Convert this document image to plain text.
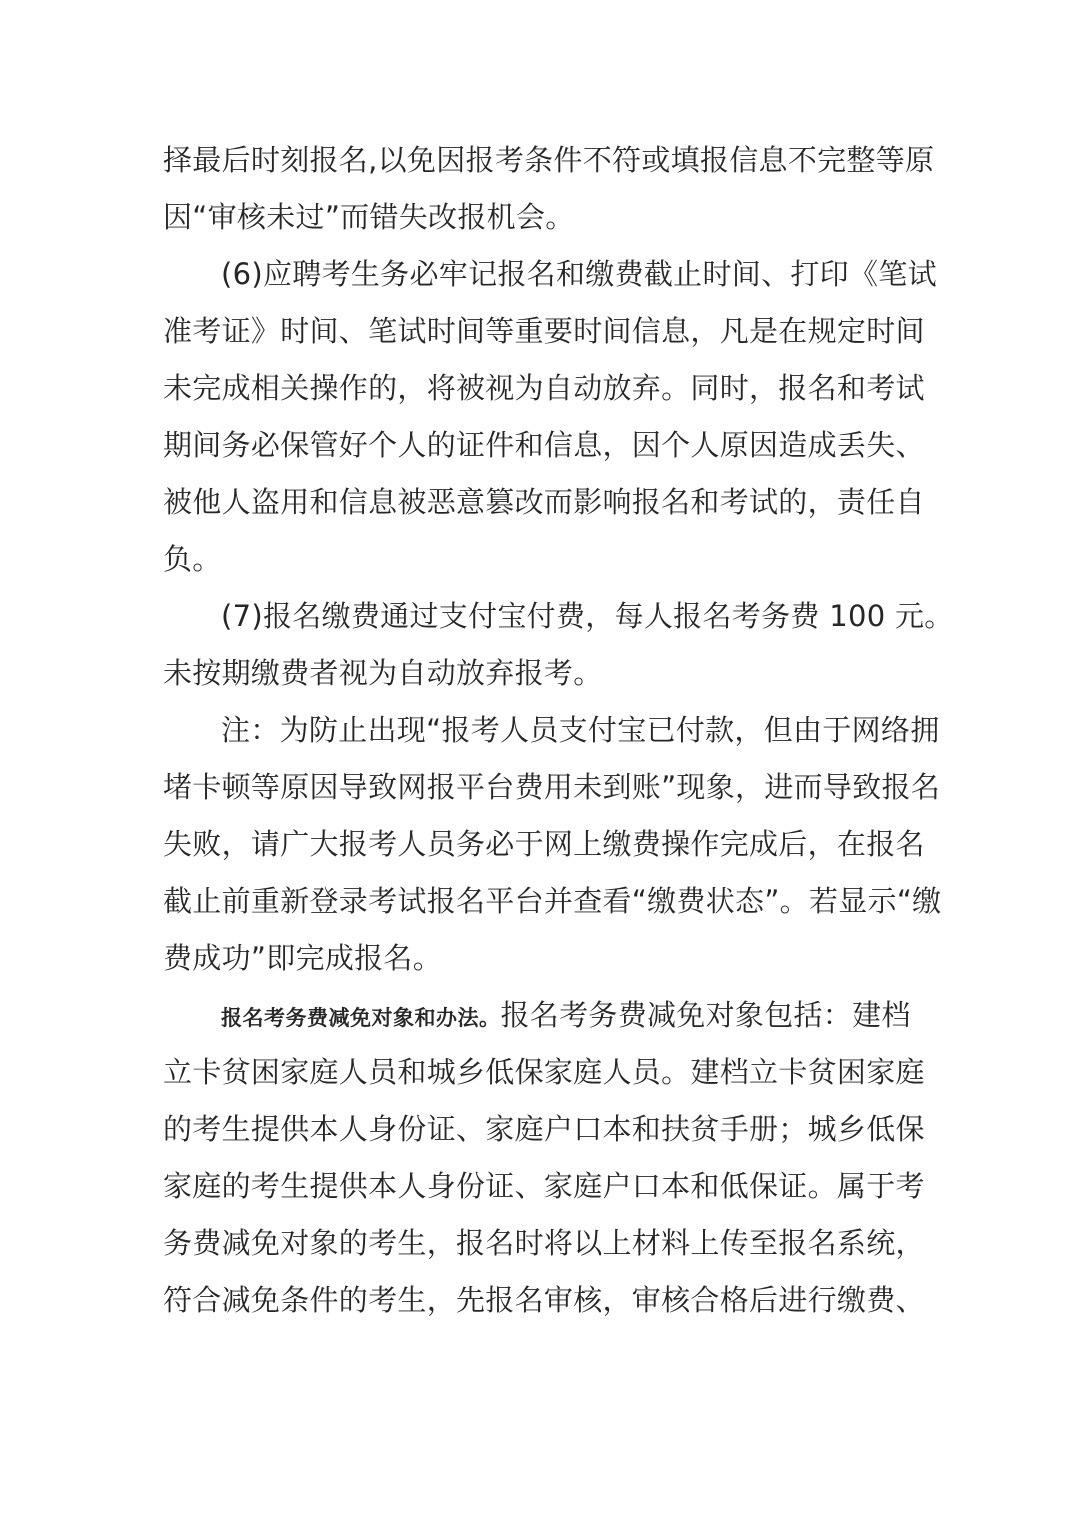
择最后时刻报名,以免因报考条件不符或填报信息不完整等原
因“审核未过”而错失改报机会。
(6)应聘考生务必牢记报名和缴费截止时间、打印《笔试
准考证》时间、笔试时间等重要时间信息，凡是在规定时间
未完成相关操作的，将被视为自动放弃。同时，报名和考试
期间务必保管好个人的证件和信息，因个人原因造成丢失、
被他人盗用和信息被恶意篡改而影响报名和考试的，责任自
负。
(7)报名缴费通过支付宝付费，每人报名考务费 100 元。
未按期缴费者视为自动放弃报考。
注：为防止出现“报考人员支付宝已付款，但由于网络拥
堵卡顿等原因导致网报平台费用未到账”现象，进而导致报名
失败，请广大报考人员务必于网上缴费操作完成后，在报名
截止前重新登录考试报名平台并查看“缴费状态”。若显示“缴
费成功”即完成报名。
报名考务费减免对象和办法。报名考务费减免对象包括：建档
立卡贫困家庭人员和城乡低保家庭人员。建档立卡贫困家庭
的考生提供本人身份证、家庭户口本和扶贫手册；城乡低保
家庭的考生提供本人身份证、家庭户口本和低保证。属于考
务费减免对象的考生，报名时将以上材料上传至报名系统，
符合减免条件的考生，先报名审核，审核合格后进行缴费、
